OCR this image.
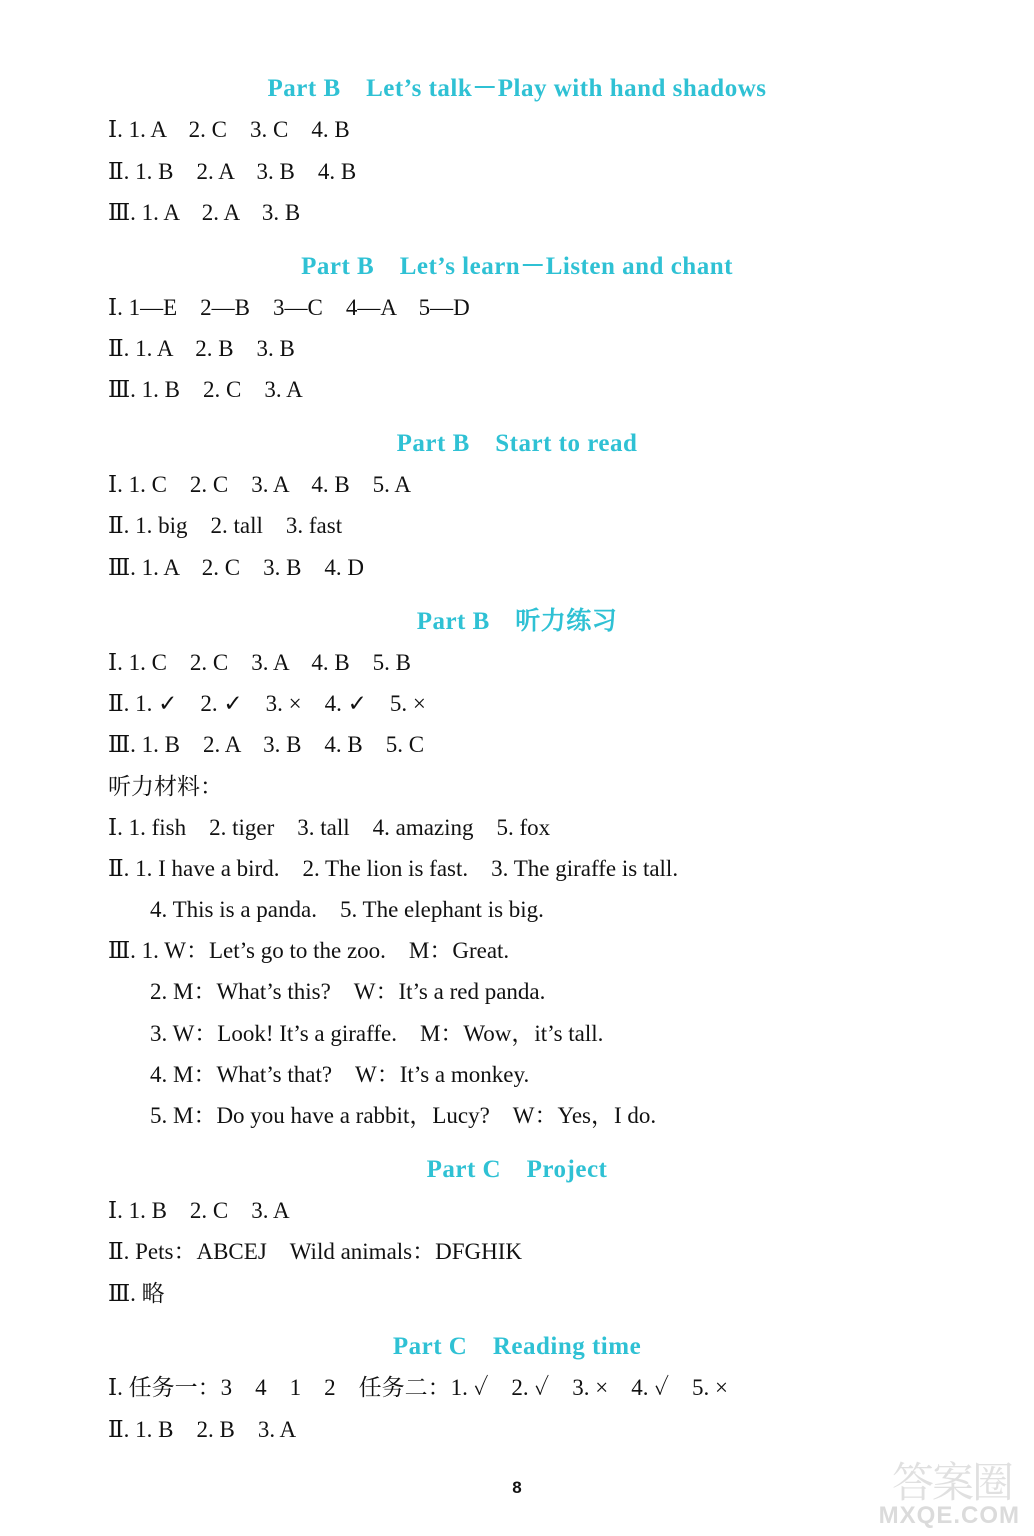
Part B　Let’s talk－Play with hand shadows
Ⅰ. 1. A　2. C　3. C　4. B
Ⅱ. 1. B　2. A　3. B　4. B
Ⅲ. 1. A　2. A　3. B
Part B　Let’s learn－Listen and chant
Ⅰ. 1—E　2—B　3—C　4—A　5—D
Ⅱ. 1. A　2. B　3. B
Ⅲ. 1. B　2. C　3. A
Part B　Start to read
Ⅰ. 1. C　2. C　3. A　4. B　5. A
Ⅱ. 1. big　2. tall　3. fast
Ⅲ. 1. A　2. C　3. B　4. D
Part B　听力练习
Ⅰ. 1. C　2. C　3. A　4. B　5. B
Ⅱ. 1. ✓　2. ✓　3. ×　4. ✓　5. ×
Ⅲ. 1. B　2. A　3. B　4. B　5. C
听力材料：
Ⅰ. 1. fish　2. tiger　3. tall　4. amazing　5. fox
Ⅱ. 1. I have a bird.　2. The lion is fast.　3. The giraffe is tall.
4. This is a panda.　5. The elephant is big.
Ⅲ. 1. W：Let’s go to the zoo.　M：Great.
2. M：What’s this?　W：It’s a red panda.
3. W：Look! It’s a giraffe.　M：Wow，it’s tall.
4. M：What’s that?　W：It’s a monkey.
5. M：Do you have a rabbit，Lucy?　W：Yes，I do.
Part C　Project
Ⅰ. 1. B　2. C　3. A
Ⅱ. Pets：ABCEJ　Wild animals：DFGHIK
Ⅲ. 略
Part C　Reading time
Ⅰ. 任务一：3　4　1　2　任务二：1. ✓　2. ✓　3. ×　4. ✓　5. ×
Ⅱ. 1. B　2. B　3. A
8	答案圈
MXQE.COM
